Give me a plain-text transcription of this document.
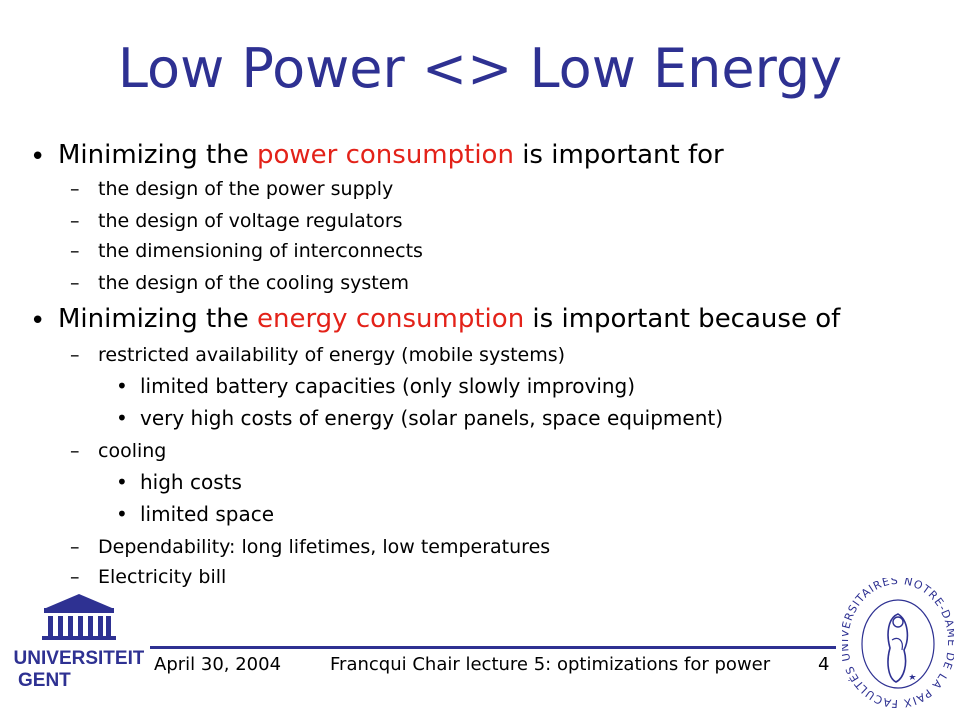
Low Power <> Low Energy
• Minimizing the power consumption is important for
– the design of the power supply
– the design of voltage regulators
– the dimensioning of interconnects
– the design of the cooling system
• Minimizing the energy consumption is important because of
– restricted availability of energy (mobile systems)
• limited battery capacities (only slowly improving)
• very high costs of energy (solar panels, space equipment)
– cooling
• high costs
• limited space
– Dependability: long lifetimes, low temperatures
– Electricity bill
UNIVERSITEIT
GENT
April 30, 2004	Francqui Chair lecture 5: optimizations for power	4
FACULTÉS RSITAIRES NOTRE-D E LA PAIX
